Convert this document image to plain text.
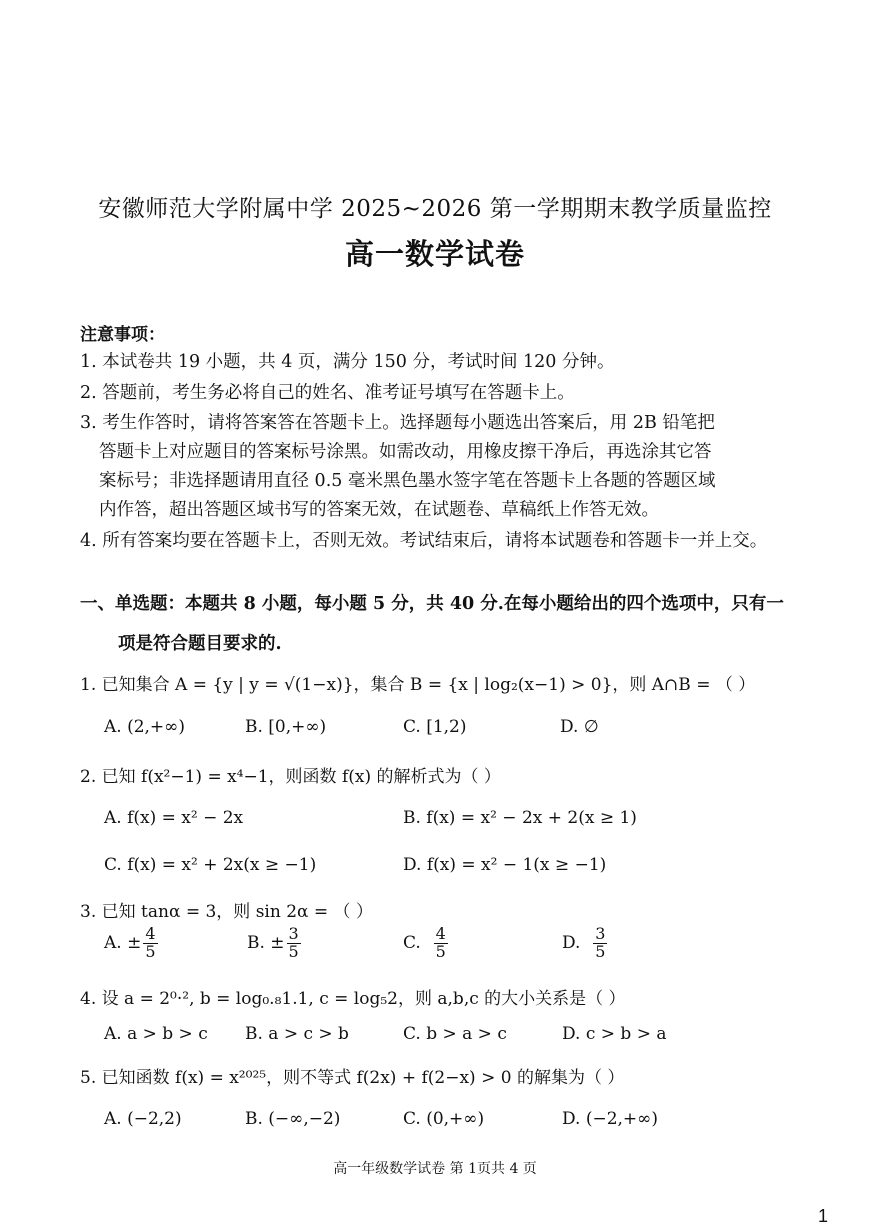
安徽师范大学附属中学 2025~2026 第一学期期末教学质量监控
高一数学试卷
注意事项：
1. 本试卷共 19 小题，共 4 页，满分 150 分，考试时间 120 分钟。
2. 答题前，考生务必将自己的姓名、准考证号填写在答题卡上。
3. 考生作答时，请将答案答在答题卡上。选择题每小题选出答案后，用 2B 铅笔把
答题卡上对应题目的答案标号涂黑。如需改动，用橡皮擦干净后，再选涂其它答
案标号；非选择题请用直径 0.5 毫米黑色墨水签字笔在答题卡上各题的答题区域
内作答，超出答题区域书写的答案无效，在试题卷、草稿纸上作答无效。
4. 所有答案均要在答题卡上，否则无效。考试结束后，请将本试题卷和答题卡一并上交。
一、单选题：本题共 8 小题，每小题 5 分，共 40 分.在每小题给出的四个选项中，只有一
项是符合题目要求的.
1. 已知集合 A = {y | y = √(1−x)}，集合 B = {x | log₂(x−1) > 0}，则 A∩B = （ ）
A. (2,+∞)	B. [0,+∞)	C. [1,2)	D. ∅
2. 已知 f(x²−1) = x⁴−1，则函数 f(x) 的解析式为（ ）
A. f(x) = x² − 2x	B. f(x) = x² − 2x + 2(x ≥ 1)
C. f(x) = x² + 2x(x ≥ −1)	D. f(x) = x² − 1(x ≥ −1)
3. 已知 tanα = 3，则 sin 2α = （ ）
A. ± $\frac{4}{5}$	B. ± $\frac{3}{5}$	C. $\frac{4}{5}$	D. $\frac{3}{5}$
4. 设 a = 2⁰·², b = log₀.₈1.1, c = log₅2，则 a,b,c 的大小关系是（ ）
A. a > b > c B. a > c > b	C. b > a > c	D. c > b > a
5. 已知函数 f(x) = x²⁰²⁵，则不等式 f(2x) + f(2−x) > 0 的解集为（ ）
A. (−2,2)	B. (−∞,−2)	C. (0,+∞)	D. (−2,+∞)
高一年级数学试卷 第 1页共 4 页
1
